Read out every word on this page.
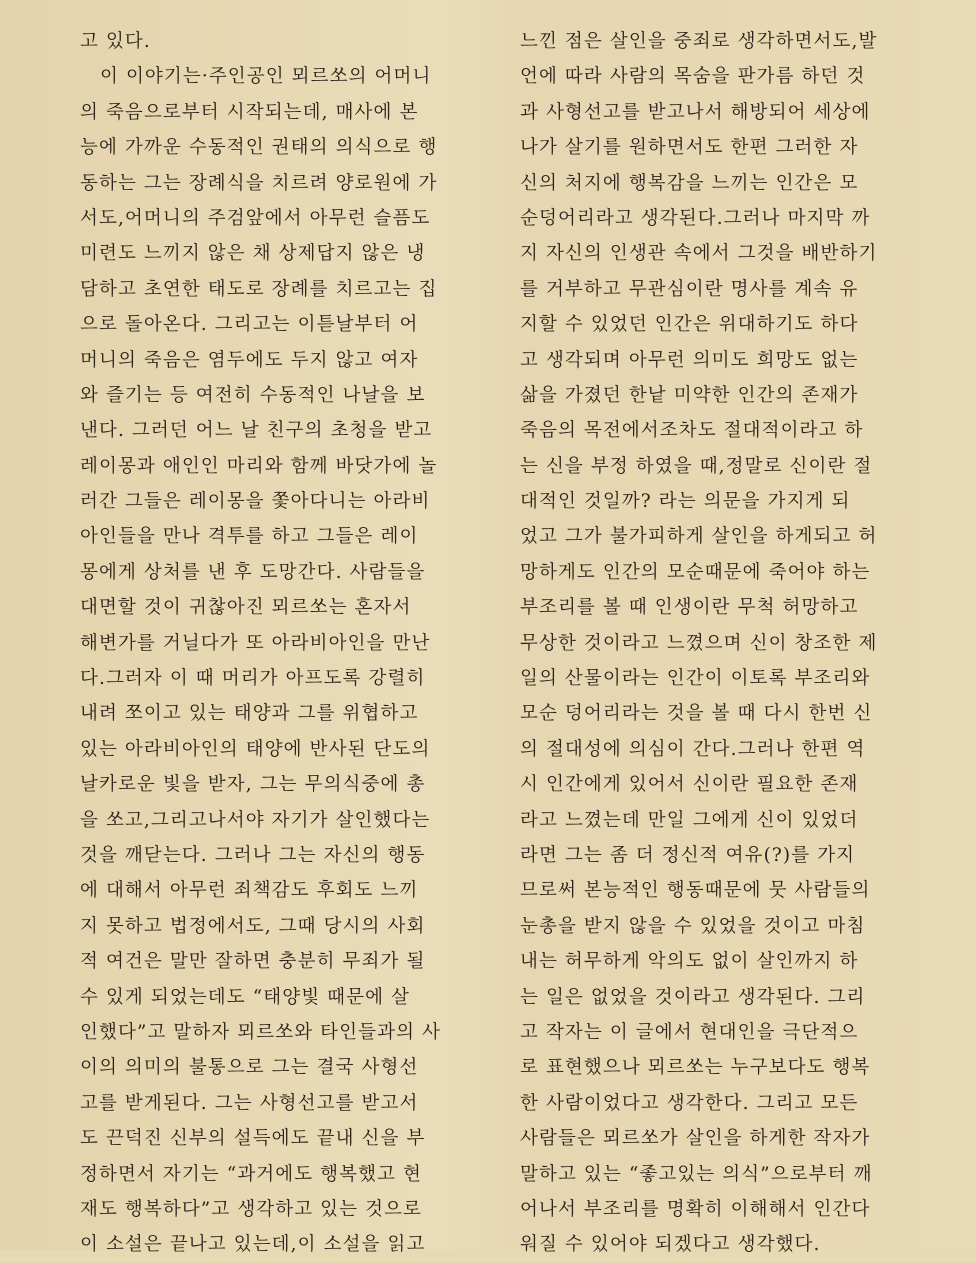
고 있다.
이 이야기는·주인공인 뫼르쏘의 어머니
의 죽음으로부터 시작되는데, 매사에 본
능에 가까운 수동적인 권태의 의식으로 행
동하는 그는 장례식을 치르려 양로원에 가
서도,어머니의 주검앞에서 아무런 슬픔도
미련도 느끼지 않은 채 상제답지 않은 냉
담하고 초연한 태도로 장례를 치르고는 집
으로 돌아온다. 그리고는 이튿날부터 어
머니의 죽음은 염두에도 두지 않고 여자
와 즐기는 등 여전히 수동적인 나날을 보
낸다. 그러던 어느 날 친구의 초청을 받고
레이몽과 애인인 마리와 함께 바닷가에 놀
러간 그들은 레이몽을 쫓아다니는 아라비
아인들을 만나 격투를 하고 그들은 레이
몽에게 상처를 낸 후 도망간다. 사람들을
대면할 것이 귀찮아진 뫼르쏘는 혼자서
해변가를 거닐다가 또 아라비아인을 만난
다.그러자 이 때 머리가 아프도록 강렬히
내려 쪼이고 있는 태양과 그를 위협하고
있는 아라비아인의 태양에 반사된 단도의
날카로운 빛을 받자, 그는 무의식중에 총
을 쏘고,그리고나서야 자기가 살인했다는
것을 깨닫는다. 그러나 그는 자신의 행동
에 대해서 아무런 죄책감도 후회도 느끼
지 못하고 법정에서도, 그때 당시의 사회
적 여건은 말만 잘하면 충분히 무죄가 될
수 있게 되었는데도 “태양빛 때문에 살
인했다”고 말하자 뫼르쏘와 타인들과의 사
이의 의미의 불통으로 그는 결국 사형선
고를 받게된다. 그는 사형선고를 받고서
도 끈덕진 신부의 설득에도 끝내 신을 부
정하면서 자기는 “과거에도 행복했고 현
재도 행복하다”고 생각하고 있는 것으로
이 소설은 끝나고 있는데,이 소설을 읽고
느낀 점은 살인을 중죄로 생각하면서도,발
언에 따라 사람의 목숨을 판가름 하던 것
과 사형선고를 받고나서 해방되어 세상에
나가 살기를 원하면서도 한편 그러한 자
신의 처지에 행복감을 느끼는 인간은 모
순덩어리라고 생각된다.그러나 마지막 까
지 자신의 인생관 속에서 그것을 배반하기
를 거부하고 무관심이란 명사를 계속 유
지할 수 있었던 인간은 위대하기도 하다
고 생각되며 아무런 의미도 희망도 없는
삶을 가졌던 한낱 미약한 인간의 존재가
죽음의 목전에서조차도 절대적이라고 하
는 신을 부정 하였을 때,정말로 신이란 절
대적인 것일까? 라는 의문을 가지게 되
었고 그가 불가피하게 살인을 하게되고 허
망하게도 인간의 모순때문에 죽어야 하는
부조리를 볼 때 인생이란 무척 허망하고
무상한 것이라고 느꼈으며 신이 창조한 제
일의 산물이라는 인간이 이토록 부조리와
모순 덩어리라는 것을 볼 때 다시 한번 신
의 절대성에 의심이 간다.그러나 한편 역
시 인간에게 있어서 신이란 필요한 존재
라고 느꼈는데 만일 그에게 신이 있었더
라면 그는 좀 더 정신적 여유(?)를 가지
므로써 본능적인 행동때문에 뭇 사람들의
눈총을 받지 않을 수 있었을 것이고 마침
내는 허무하게 악의도 없이 살인까지 하
는 일은 없었을 것이라고 생각된다. 그리
고 작자는 이 글에서 현대인을 극단적으
로 표현했으나 뫼르쏘는 누구보다도 행복
한 사람이었다고 생각한다. 그리고 모든
사람들은 뫼르쏘가 살인을 하게한 작자가
말하고 있는 “좋고있는 의식”으로부터 깨
어나서 부조리를 명확히 이해해서 인간다
워질 수 있어야 되겠다고 생각했다.
